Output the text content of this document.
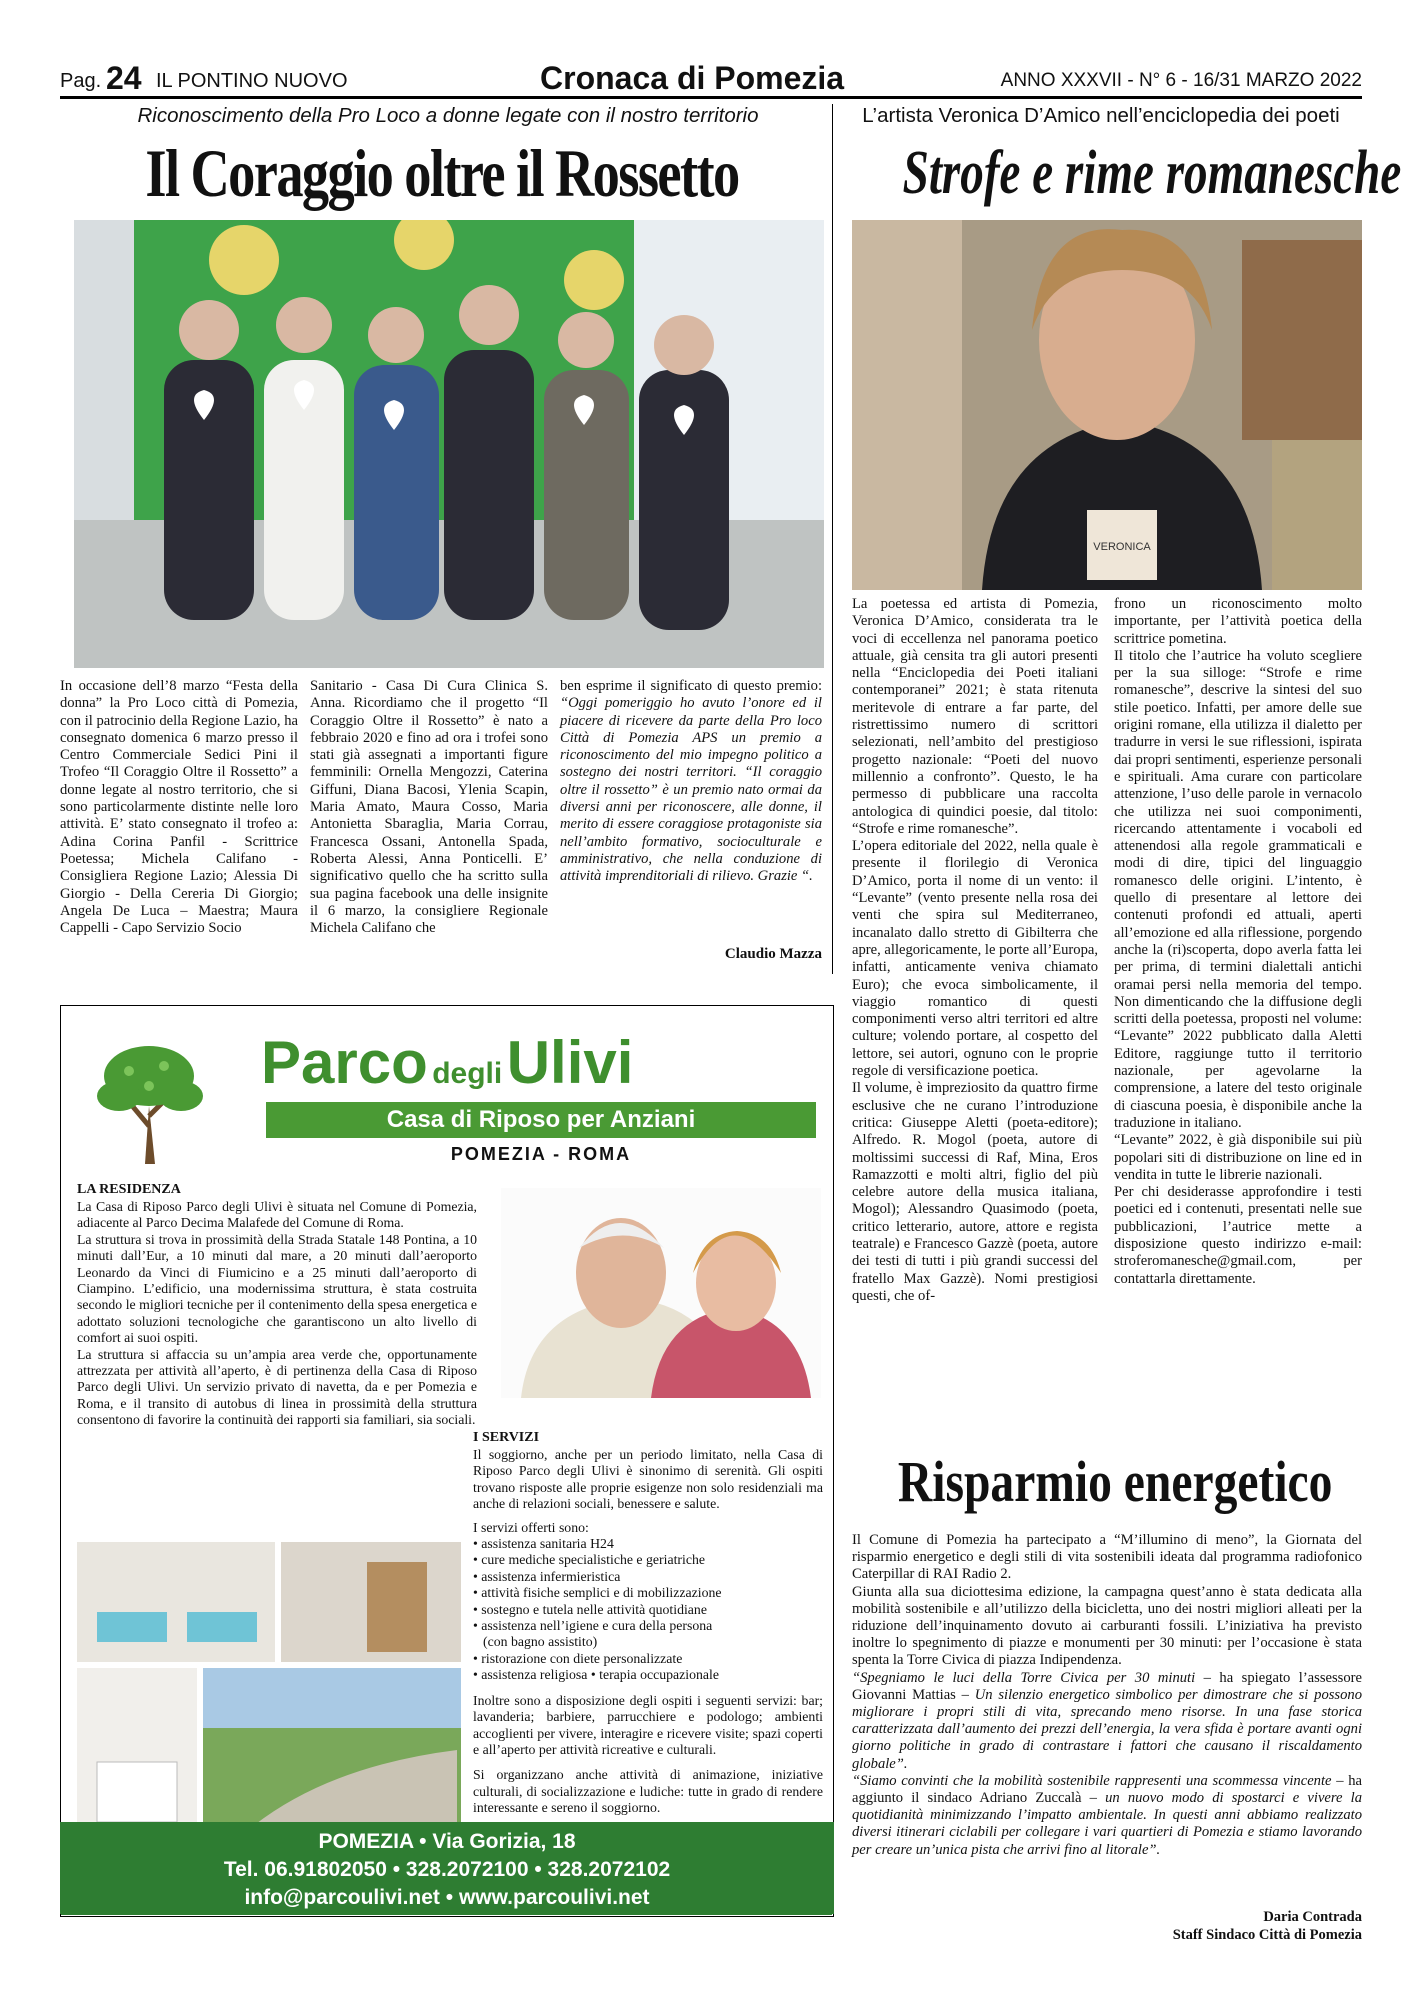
Pag. 24 IL PONTINO NUOVO	Cronaca di Pomezia	ANNO XXXVII - N° 6 - 16/31 MARZO 2022
Riconoscimento della Pro Loco a donne legate con il nostro territorio
Il Coraggio oltre il Rossetto
In occasione dell’8 marzo “Festa della donna” la Pro Loco città di Pomezia, con il patrocinio della Regione Lazio, ha consegnato domenica 6 marzo presso il Centro Commerciale Sedici Pini il Trofeo “Il Coraggio Oltre il Rossetto” a donne legate al nostro territorio, che si sono particolarmente distinte nelle loro attività. E’ stato consegnato il trofeo a: Adina Corina Panfil - Scrittrice Poetessa; Michela Califano - Consigliera Regione Lazio; Alessia Di Giorgio - Della Cereria Di Giorgio; Angela De Luca – Maestra; Maura Cappelli - Capo Servizio Socio
Sanitario - Casa Di Cura Clinica S. Anna. Ricordiamo che il progetto “Il Coraggio Oltre il Rossetto” è nato a febbraio 2020 e fino ad ora i trofei sono stati già assegnati a importanti figure femminili: Ornella Mengozzi, Caterina Giffuni, Diana Bacosi, Ylenia Scapin, Maria Amato, Maura Cosso, Maria Antonietta Sbaraglia, Maria Corrau, Francesca Ossani, Antonella Spada, Roberta Alessi, Anna Ponticelli. E’ significativo quello che ha scritto sulla sua pagina facebook una delle insignite il 6 marzo, la consigliere Regionale Michela Califano che
ben esprime il significato di questo premio: “Oggi pomeriggio ho avuto l’onore ed il piacere di ricevere da parte della Pro loco Città di Pomezia APS un premio a riconoscimento del mio impegno politico a sostegno dei nostri territori. “Il coraggio oltre il rossetto” è un premio nato ormai da diversi anni per riconoscere, alle donne, il merito di essere coraggiose protagoniste sia nell’ambito formativo, socioculturale e amministrativo, che nella conduzione di attività imprenditoriali di rilievo. Grazie “.
Claudio Mazza
L’artista Veronica D’Amico nell’enciclopedia dei poeti
Strofe e rime romanesche
VERONICA
La poetessa ed artista di Pomezia, Veronica D’Amico, considerata tra le voci di eccellenza nel panorama poetico attuale, già censita tra gli autori presenti nella “Enciclopedia dei Poeti italiani contemporanei” 2021; è stata ritenuta meritevole di entrare a far parte, del ristrettissimo numero di scrittori selezionati, nell’ambito del prestigioso progetto nazionale: “Poeti del nuovo millennio a confronto”. Questo, le ha permesso di pubblicare una raccolta antologica di quindici poesie, dal titolo: “Strofe e rime romanesche”.
L’opera editoriale del 2022, nella quale è presente il florilegio di Veronica D’Amico, porta il nome di un vento: il “Levante” (vento presente nella rosa dei venti che spira sul Mediterraneo, incanalato dallo stretto di Gibilterra che apre, allegoricamente, le porte all’Europa, infatti, anticamente veniva chiamato Euro); che evoca simbolicamente, il viaggio romantico di questi componimenti verso altri territori ed altre culture; volendo portare, al cospetto del lettore, sei autori, ognuno con le proprie regole di versificazione poetica.
Il volume, è impreziosito da quattro firme esclusive che ne curano l’introduzione critica: Giuseppe Aletti (poeta-editore); Alfredo. R. Mogol (poeta, autore di moltissimi successi di Raf, Mina, Eros Ramazzotti e molti altri, figlio del più celebre autore della musica italiana, Mogol); Alessandro Quasimodo (poeta, critico letterario, autore, attore e regista teatrale) e Francesco Gazzè (poeta, autore dei testi di tutti i più grandi successi del fratello Max Gazzè). Nomi prestigiosi questi, che of-
frono un riconoscimento molto importante, per l’attività poetica della scrittrice pometina.
Il titolo che l’autrice ha voluto scegliere per la sua silloge: “Strofe e rime romanesche”, descrive la sintesi del suo stile poetico. Infatti, per amore delle sue origini romane, ella utilizza il dialetto per tradurre in versi le sue riflessioni, ispirata dai propri sentimenti, esperienze personali e spirituali. Ama curare con particolare attenzione, l’uso delle parole in vernacolo che utilizza nei suoi componimenti, ricercando attentamente i vocaboli ed attenendosi alla regole grammaticali e modi di dire, tipici del linguaggio romanesco delle origini. L’intento, è quello di presentare al lettore dei contenuti profondi ed attuali, aperti all’emozione ed alla riflessione, porgendo anche la (ri)scoperta, dopo averla fatta lei per prima, di termini dialettali antichi oramai persi nella memoria del tempo. Non dimenticando che la diffusione degli scritti della poetessa, proposti nel volume: “Levante” 2022 pubblicato dalla Aletti Editore, raggiunge tutto il territorio nazionale, per agevolarne la comprensione, a latere del testo originale di ciascuna poesia, è disponibile anche la traduzione in italiano.
“Levante” 2022, è già disponibile sui più popolari siti di distribuzione on line ed in vendita in tutte le librerie nazionali.
Per chi desiderasse approfondire i testi poetici ed i contenuti, presentati nelle sue pubblicazioni, l’autrice mette a disposizione questo indirizzo e-mail: stroferomanesche@gmail.com, per contattarla direttamente.
Risparmio energetico
Il Comune di Pomezia ha partecipato a “M’illumino di meno”, la Giornata del risparmio energetico e degli stili di vita sostenibili ideata dal programma radiofonico Caterpillar di RAI Radio 2.
Giunta alla sua diciottesima edizione, la campagna quest’anno è stata dedicata alla mobilità sostenibile e all’utilizzo della bicicletta, uno dei nostri migliori alleati per la riduzione dell’inquinamento dovuto ai carburanti fossili. L’iniziativa ha previsto inoltre lo spegnimento di piazze e monumenti per 30 minuti: per l’occasione è stata spenta la Torre Civica di piazza Indipendenza.
“Spegniamo le luci della Torre Civica per 30 minuti – ha spiegato l’assessore Giovanni Mattias – Un silenzio energetico simbolico per dimostrare che si possono migliorare i propri stili di vita, sprecando meno risorse. In una fase storica caratterizzata dall’aumento dei prezzi dell’energia, la vera sfida è portare avanti ogni giorno politiche in grado di contrastare i fattori che causano il riscaldamento globale”.
“Siamo convinti che la mobilità sostenibile rappresenti una scommessa vincente – ha aggiunto il sindaco Adriano Zuccalà – un nuovo modo di spostarci e vivere la quotidianità minimizzando l’impatto ambientale. In questi anni abbiamo realizzato diversi itinerari ciclabili per collegare i vari quartieri di Pomezia e stiamo lavorando per creare un’unica pista che arrivi fino al litorale”.
Daria Contrada
Staff Sindaco Città di Pomezia
Parco degli Ulivi
Casa di Riposo per Anziani
POMEZIA - ROMA
LA RESIDENZA
La Casa di Riposo Parco degli Ulivi è situata nel Comune di Pomezia, adiacente al Parco Decima Malafede del Comune di Roma.
La struttura si trova in prossimità della Strada Statale 148 Pontina, a 10 minuti dall’Eur, a 10 minuti dal mare, a 20 minuti dall’aeroporto Leonardo da Vinci di Fiumicino e a 25 minuti dall’aeroporto di Ciampino. L’edificio, una modernissima struttura, è stata costruita secondo le migliori tecniche per il contenimento della spesa energetica e adottato soluzioni tecnologiche che garantiscono un alto livello di comfort ai suoi ospiti.
La struttura si affaccia su un’ampia area verde che, opportunamente attrezzata per attività all’aperto, è di pertinenza della Casa di Riposo Parco degli Ulivi. Un servizio privato di navetta, da e per Pomezia e Roma, e il transito di autobus di linea in prossimità della struttura consentono di favorire la continuità dei rapporti sia familiari, sia sociali.
I SERVIZI
Il soggiorno, anche per un periodo limitato, nella Casa di Riposo Parco degli Ulivi è sinonimo di serenità. Gli ospiti trovano risposte alle proprie esigenze non solo residenziali ma anche di relazioni sociali, benessere e salute.
I servizi offerti sono:
• assistenza sanitaria H24
• cure mediche specialistiche e geriatriche
• assistenza infermieristica
• attività fisiche semplici e di mobilizzazione
• sostegno e tutela nelle attività quotidiane
• assistenza nell’igiene e cura della persona
(con bagno assistito)
• ristorazione con diete personalizzate
• assistenza religiosa • terapia occupazionale
Inoltre sono a disposizione degli ospiti i seguenti servizi: bar; lavanderia; barbiere, parrucchiere e podologo; ambienti accoglienti per vivere, interagire e ricevere visite; spazi coperti e all’aperto per attività ricreative e culturali.
Si organizzano anche attività di animazione, iniziative culturali, di socializzazione e ludiche: tutte in grado di rendere interessante e sereno il soggiorno.
POMEZIA • Via Gorizia, 18
Tel. 06.91802050 • 328.2072100 • 328.2072102
info@parcoulivi.net • www.parcoulivi.net
